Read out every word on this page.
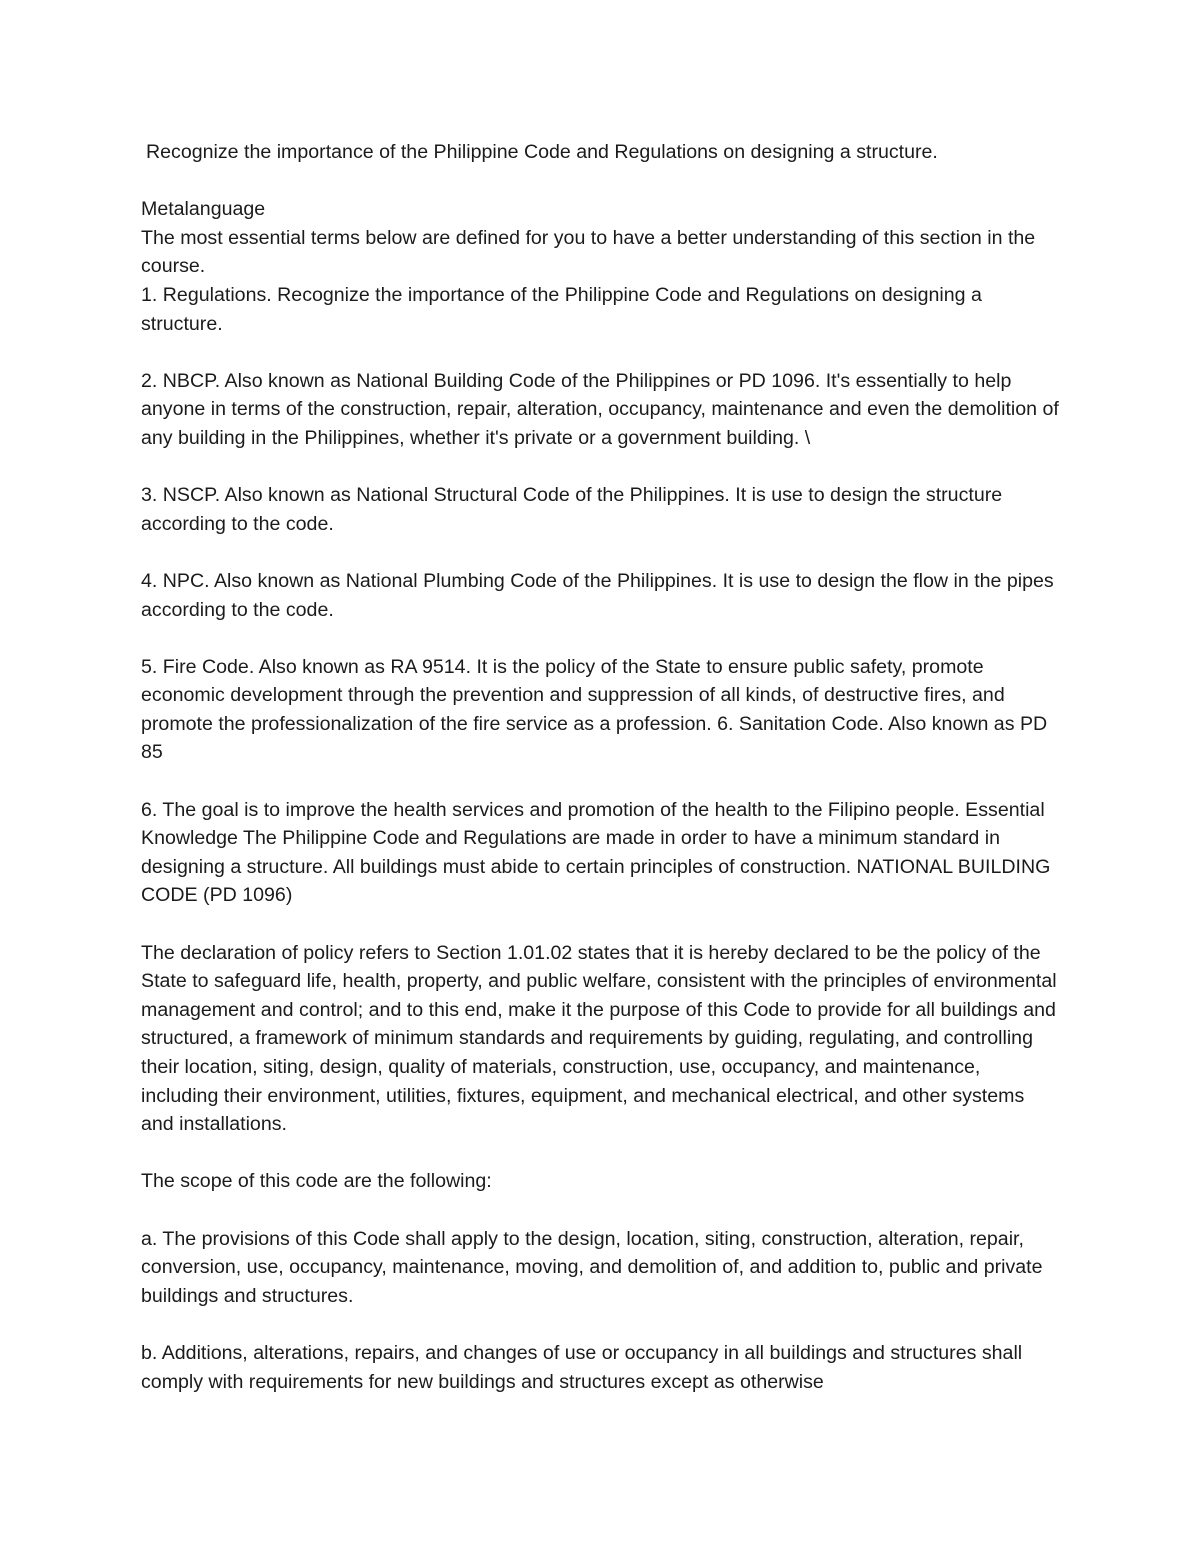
Recognize the importance of the Philippine Code and Regulations on designing a structure.

Metalanguage

The most essential terms below are defined for you to have a better understanding of this section in the course.

1. Regulations. Recognize the importance of the Philippine Code and Regulations on designing a structure.

2. NBCP. Also known as National Building Code of the Philippines or PD 1096. It's essentially to help anyone in terms of the construction, repair, alteration, occupancy, maintenance and even the demolition of any building in the Philippines, whether it's private or a government building. \

3. NSCP. Also known as National Structural Code of the Philippines. It is use to design the structure according to the code.

4. NPC. Also known as National Plumbing Code of the Philippines. It is use to design the flow in the pipes according to the code.

5. Fire Code. Also known as RA 9514. It is the policy of the State to ensure public safety, promote economic development through the prevention and suppression of all kinds, of destructive fires, and promote the professionalization of the fire service as a profession. 6. Sanitation Code. Also known as PD 85

6. The goal is to improve the health services and promotion of the health to the Filipino people. Essential Knowledge The Philippine Code and Regulations are made in order to have a minimum standard in designing a structure. All buildings must abide to certain principles of construction. NATIONAL BUILDING CODE (PD 1096)

The declaration of policy refers to Section 1.01.02 states that it is hereby declared to be the policy of the State to safeguard life, health, property, and public welfare, consistent with the principles of environmental management and control; and to this end, make it the purpose of this Code to provide for all buildings and structured, a framework of minimum standards and requirements by guiding, regulating, and controlling their location, siting, design, quality of materials, construction, use, occupancy, and maintenance, including their environment, utilities, fixtures, equipment, and mechanical electrical, and other systems and installations.

The scope of this code are the following:

a. The provisions of this Code shall apply to the design, location, siting, construction, alteration, repair, conversion, use, occupancy, maintenance, moving, and demolition of, and addition to, public and private buildings and structures.

b. Additions, alterations, repairs, and changes of use or occupancy in all buildings and structures shall comply with requirements for new buildings and structures except as otherwise
